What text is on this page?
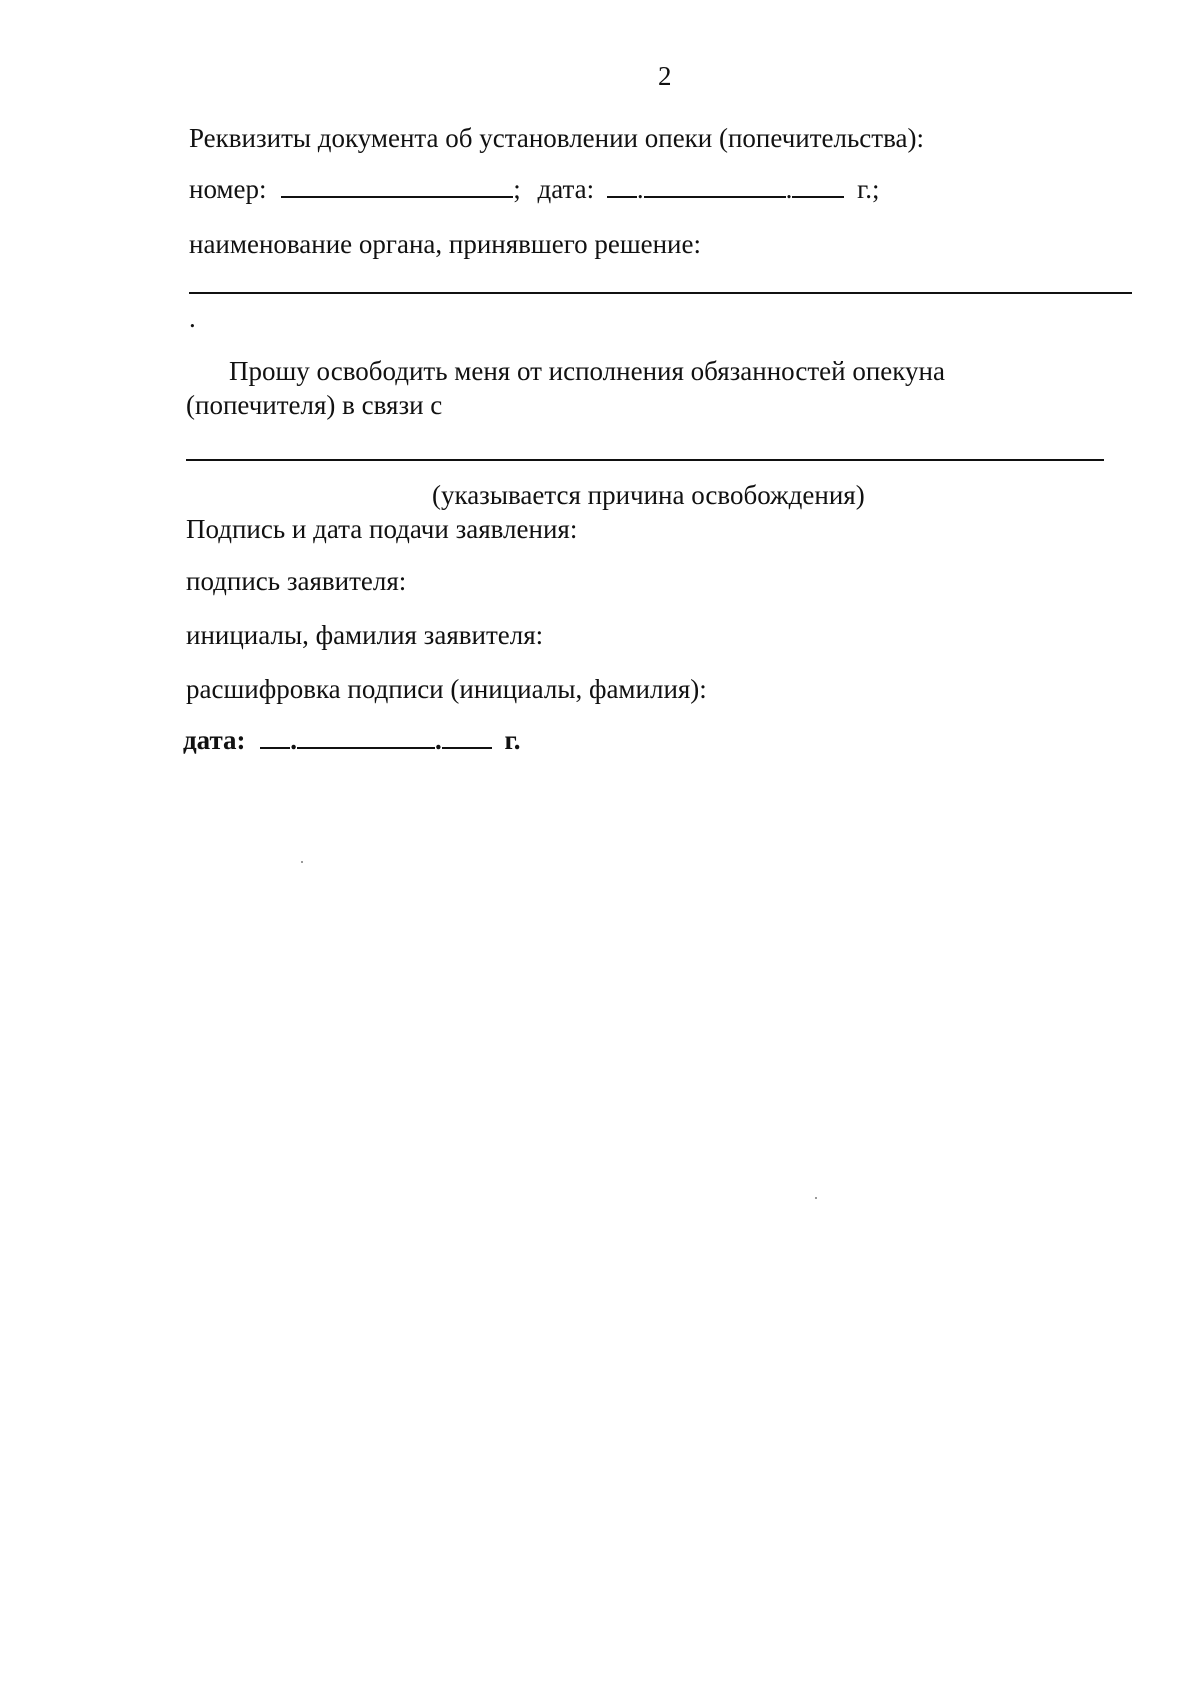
2
Реквизиты документа об установлении опеки (попечительства):
номер:	; дата: .	. г.;
наименование органа, принявшего решение:
.
Прошу освободить меня от исполнения обязанностей опекуна
(попечителя) в связи с
(указывается причина освобождения)
Подпись и дата подачи заявления:
подпись заявителя:
инициалы, фамилия заявителя:
расшифровка подписи (инициалы, фамилия):
дата: .	. г.
